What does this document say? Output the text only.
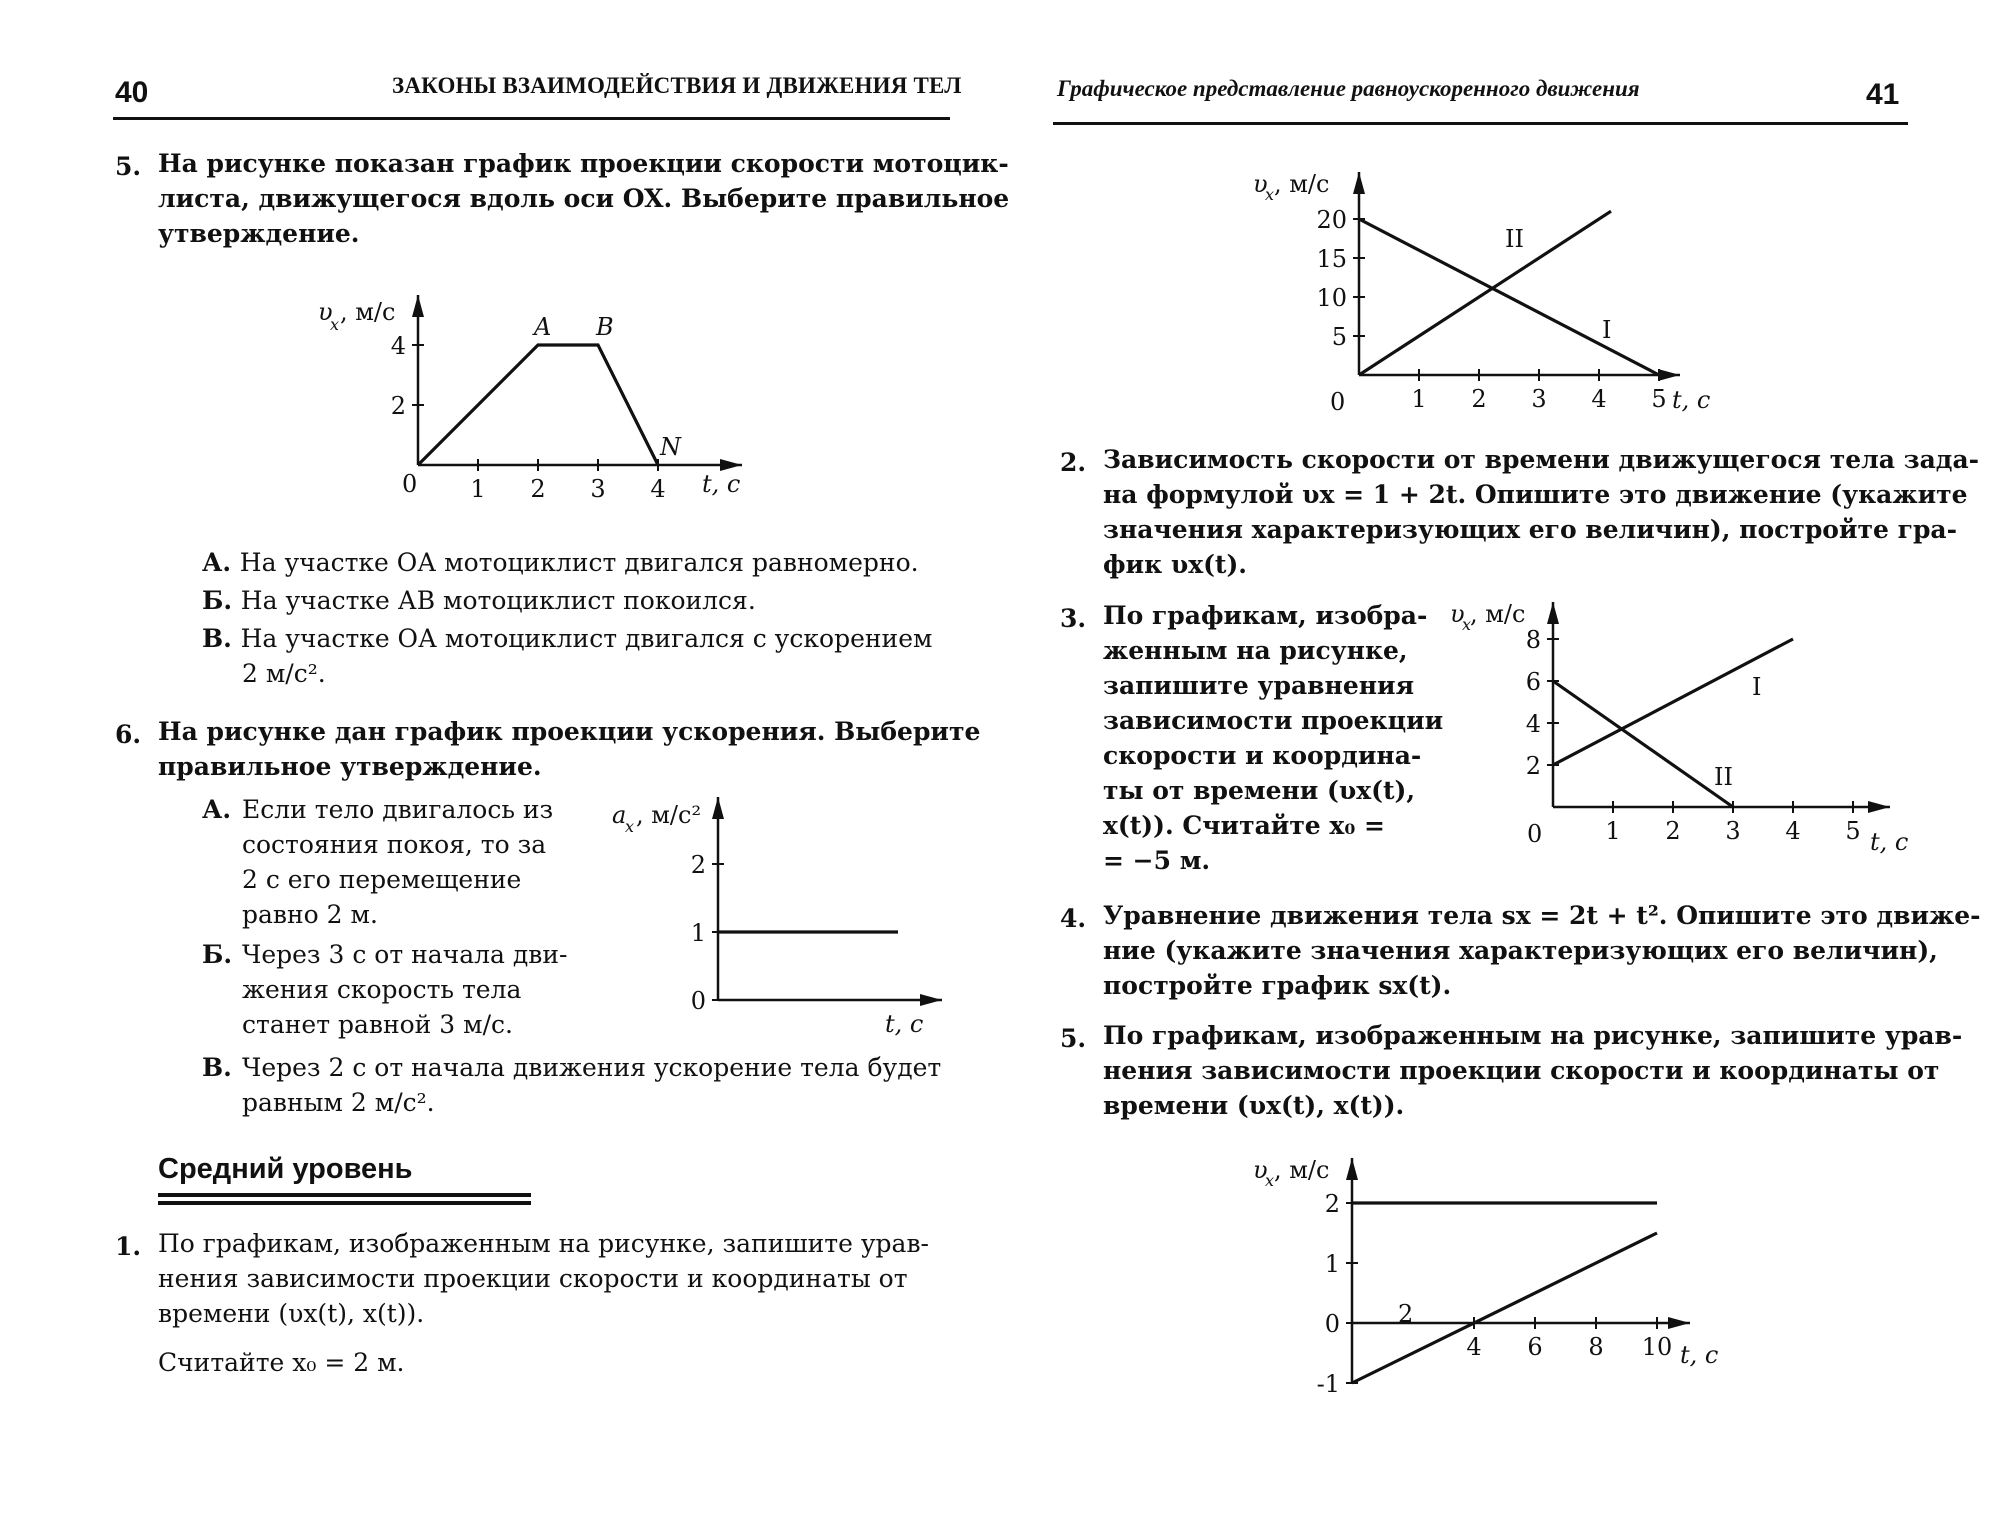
40	ЗАКОНЫ ВЗАИМОДЕЙСТВИЯ И ДВИЖЕНИЯ ТЕЛ
5. На рисунке показан график проекции скорости мотоцик-
листа, движущегося вдоль оси OX. Выберите правильное
утверждение.
υ
x , м/с
t, c
0
A B
N
1 2 3 4
2
4
А. На участке ОА мотоциклист двигался равномерно.
Б. На участке АВ мотоциклист покоился.
В. На участке ОА мотоциклист двигался с ускорением
2 м/с².
6. На рисунке дан график проекции ускорения. Выберите
правильное утверждение.
А. Если тело двигалось из
состояния покоя, то за
2 с его перемещение
равно 2 м.
Б. Через 3 с от начала дви-
жения скорость тела
станет равной 3 м/с.
В. Через 2 с от начала движения ускорение тела будет
равным 2 м/с².
a
x , м/с²
t, c
0
1
2
Средний уровень
1. По графикам, изображенным на рисунке, запишите урав-
нения зависимости проекции скорости и координаты от
времени (υx(t), x(t)).
Считайте x₀ = 2 м.
Графическое представление равноускоренного движения	41
υ
x , м/с
t, c
0
I
II
1 2 3 4 5
5
10
15
20
2. Зависимость скорости от времени движущегося тела зада-
на формулой υx = 1 + 2t. Опишите это движение (укажите
значения характеризующих его величин), постройте гра-
фик υx(t).
3. По графикам, изобра-
женным на рисунке,
запишите уравнения
зависимости проекции
скорости и координа-
ты от времени (υx(t),
x(t)). Считайте x₀ =
= −5 м.
υ
x
, м/с
t, c
0
I
II
1 2 3 4 5
2
4
6
8
4. Уравнение движения тела sx = 2t + t². Опишите это движе-
ние (укажите значения характеризующих его величин),
постройте график sx(t).
5. По графикам, изображенным на рисунке, запишите урав-
нения зависимости проекции скорости и координаты от
времени (υx(t), x(t)).
υ
x , м/с
t, c
2
4 6 8 10
-1
0
1
2
